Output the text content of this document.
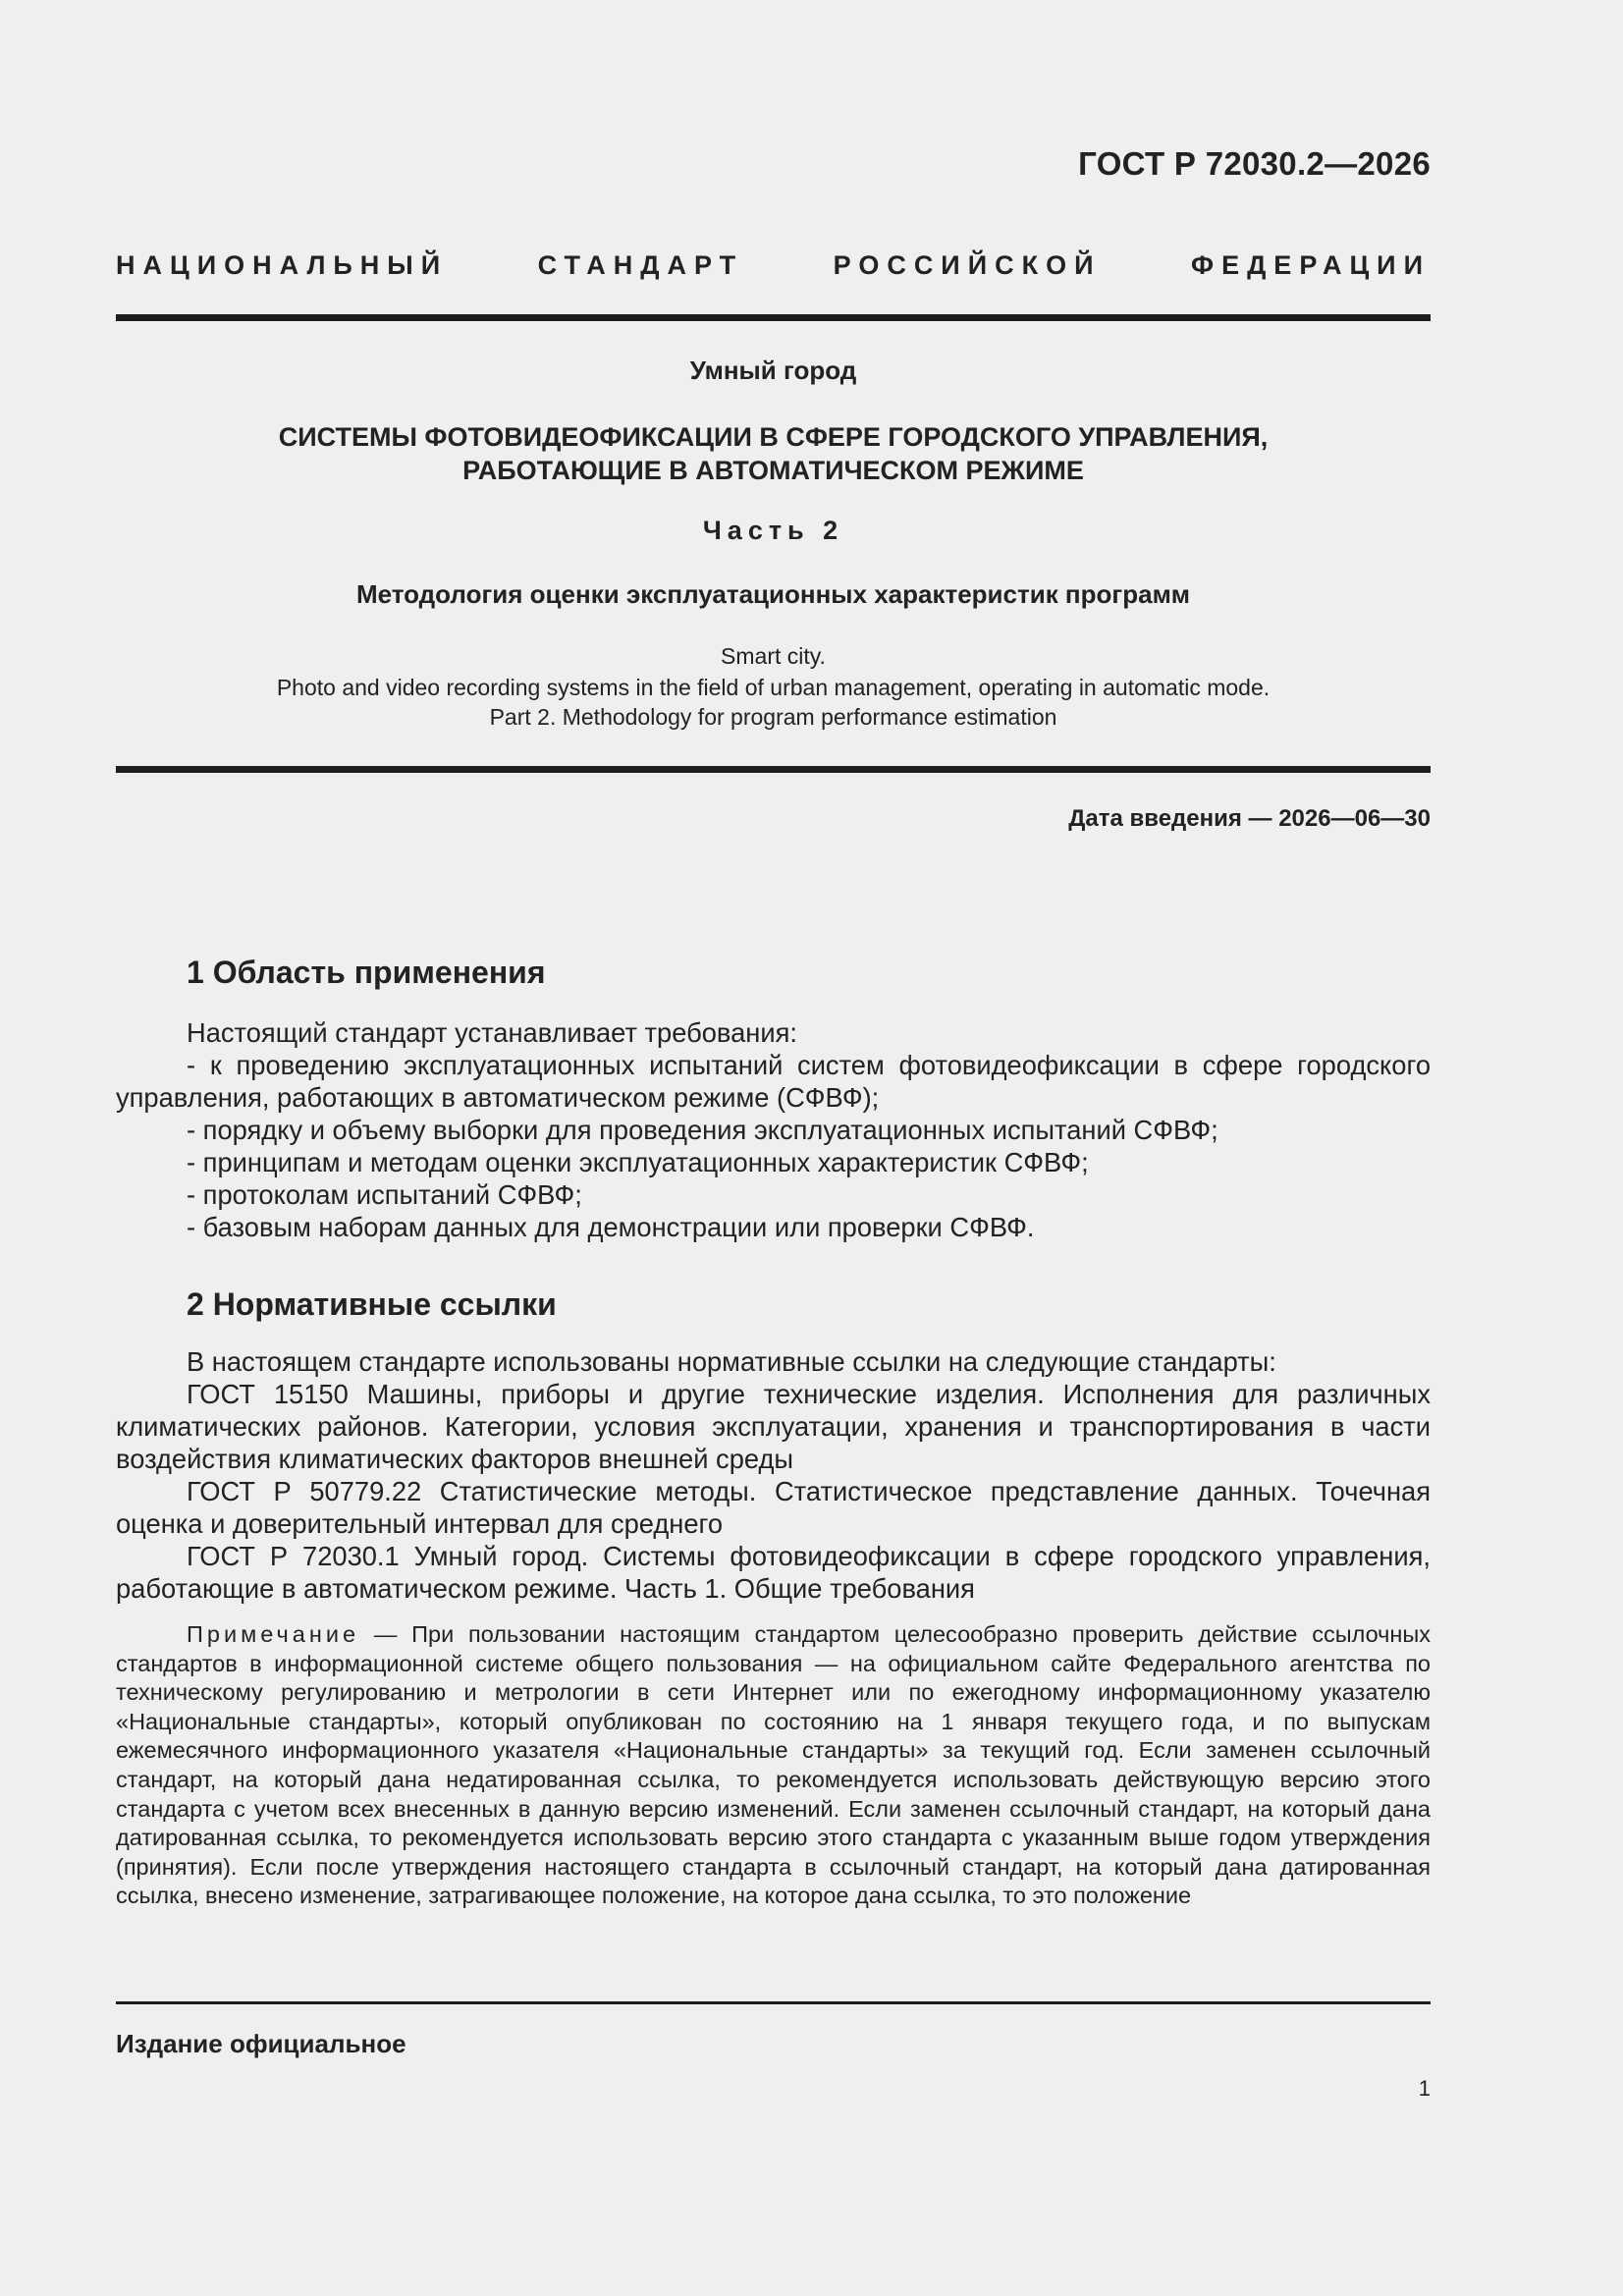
ГОСТ Р 72030.2—2026
НАЦИОНАЛЬНЫЙ СТАНДАРТ РОССИЙСКОЙ ФЕДЕРАЦИИ
Умный город
СИСТЕМЫ ФОТОВИДЕОФИКСАЦИИ В СФЕРЕ ГОРОДСКОГО УПРАВЛЕНИЯ,
РАБОТАЮЩИЕ В АВТОМАТИЧЕСКОМ РЕЖИМЕ
Часть 2
Методология оценки эксплуатационных характеристик программ
Smart city.
Photo and video recording systems in the field of urban management, operating in automatic mode.
Part 2. Methodology for program performance estimation
Дата введения — 2026—06—30
1 Область применения

Настоящий стандарт устанавливает требования:

- к проведению эксплуатационных испытаний систем фотовидеофиксации в сфере городского

управления, работающих в автоматическом режиме (СФВФ);

- порядку и объему выборки для проведения эксплуатационных испытаний СФВФ;

- принципам и методам оценки эксплуатационных характеристик СФВФ;

- протоколам испытаний СФВФ;

- базовым наборам данных для демонстрации или проверки СФВФ.

2 Нормативные ссылки

В настоящем стандарте использованы нормативные ссылки на следующие стандарты:

ГОСТ 15150 Машины, приборы и другие технические изделия. Исполнения для различных климатических районов. Категории, условия эксплуатации, хранения и транспортирования в части воздействия климатических факторов внешней среды

ГОСТ Р 50779.22 Статистические методы. Статистическое представление данных. Точечная оценка и доверительный интервал для среднего

ГОСТ Р 72030.1 Умный город. Системы фотовидеофиксации в сфере городского управления, работающие в автоматическом режиме. Часть 1. Общие требования

Примечание — При пользовании настоящим стандартом целесообразно проверить действие ссылочных стандартов в информационной системе общего пользования — на официальном сайте Федерального агентства по техническому регулированию и метрологии в сети Интернет или по ежегодному информационному указателю «Национальные стандарты», который опубликован по состоянию на 1 января текущего года, и по выпускам ежемесячного информационного указателя «Национальные стандарты» за текущий год. Если заменен ссылочный стандарт, на который дана недатированная ссылка, то рекомендуется использовать действующую версию этого стандарта с учетом всех внесенных в данную версию изменений. Если заменен ссылочный стандарт, на который дана датированная ссылка, то рекомендуется использовать версию этого стандарта с указанным выше годом утверждения (принятия). Если после утверждения настоящего стандарта в ссылочный стандарт, на который дана датированная ссылка, внесено изменение, затрагивающее положение, на которое дана ссылка, то это положение

Издание официальное
1
